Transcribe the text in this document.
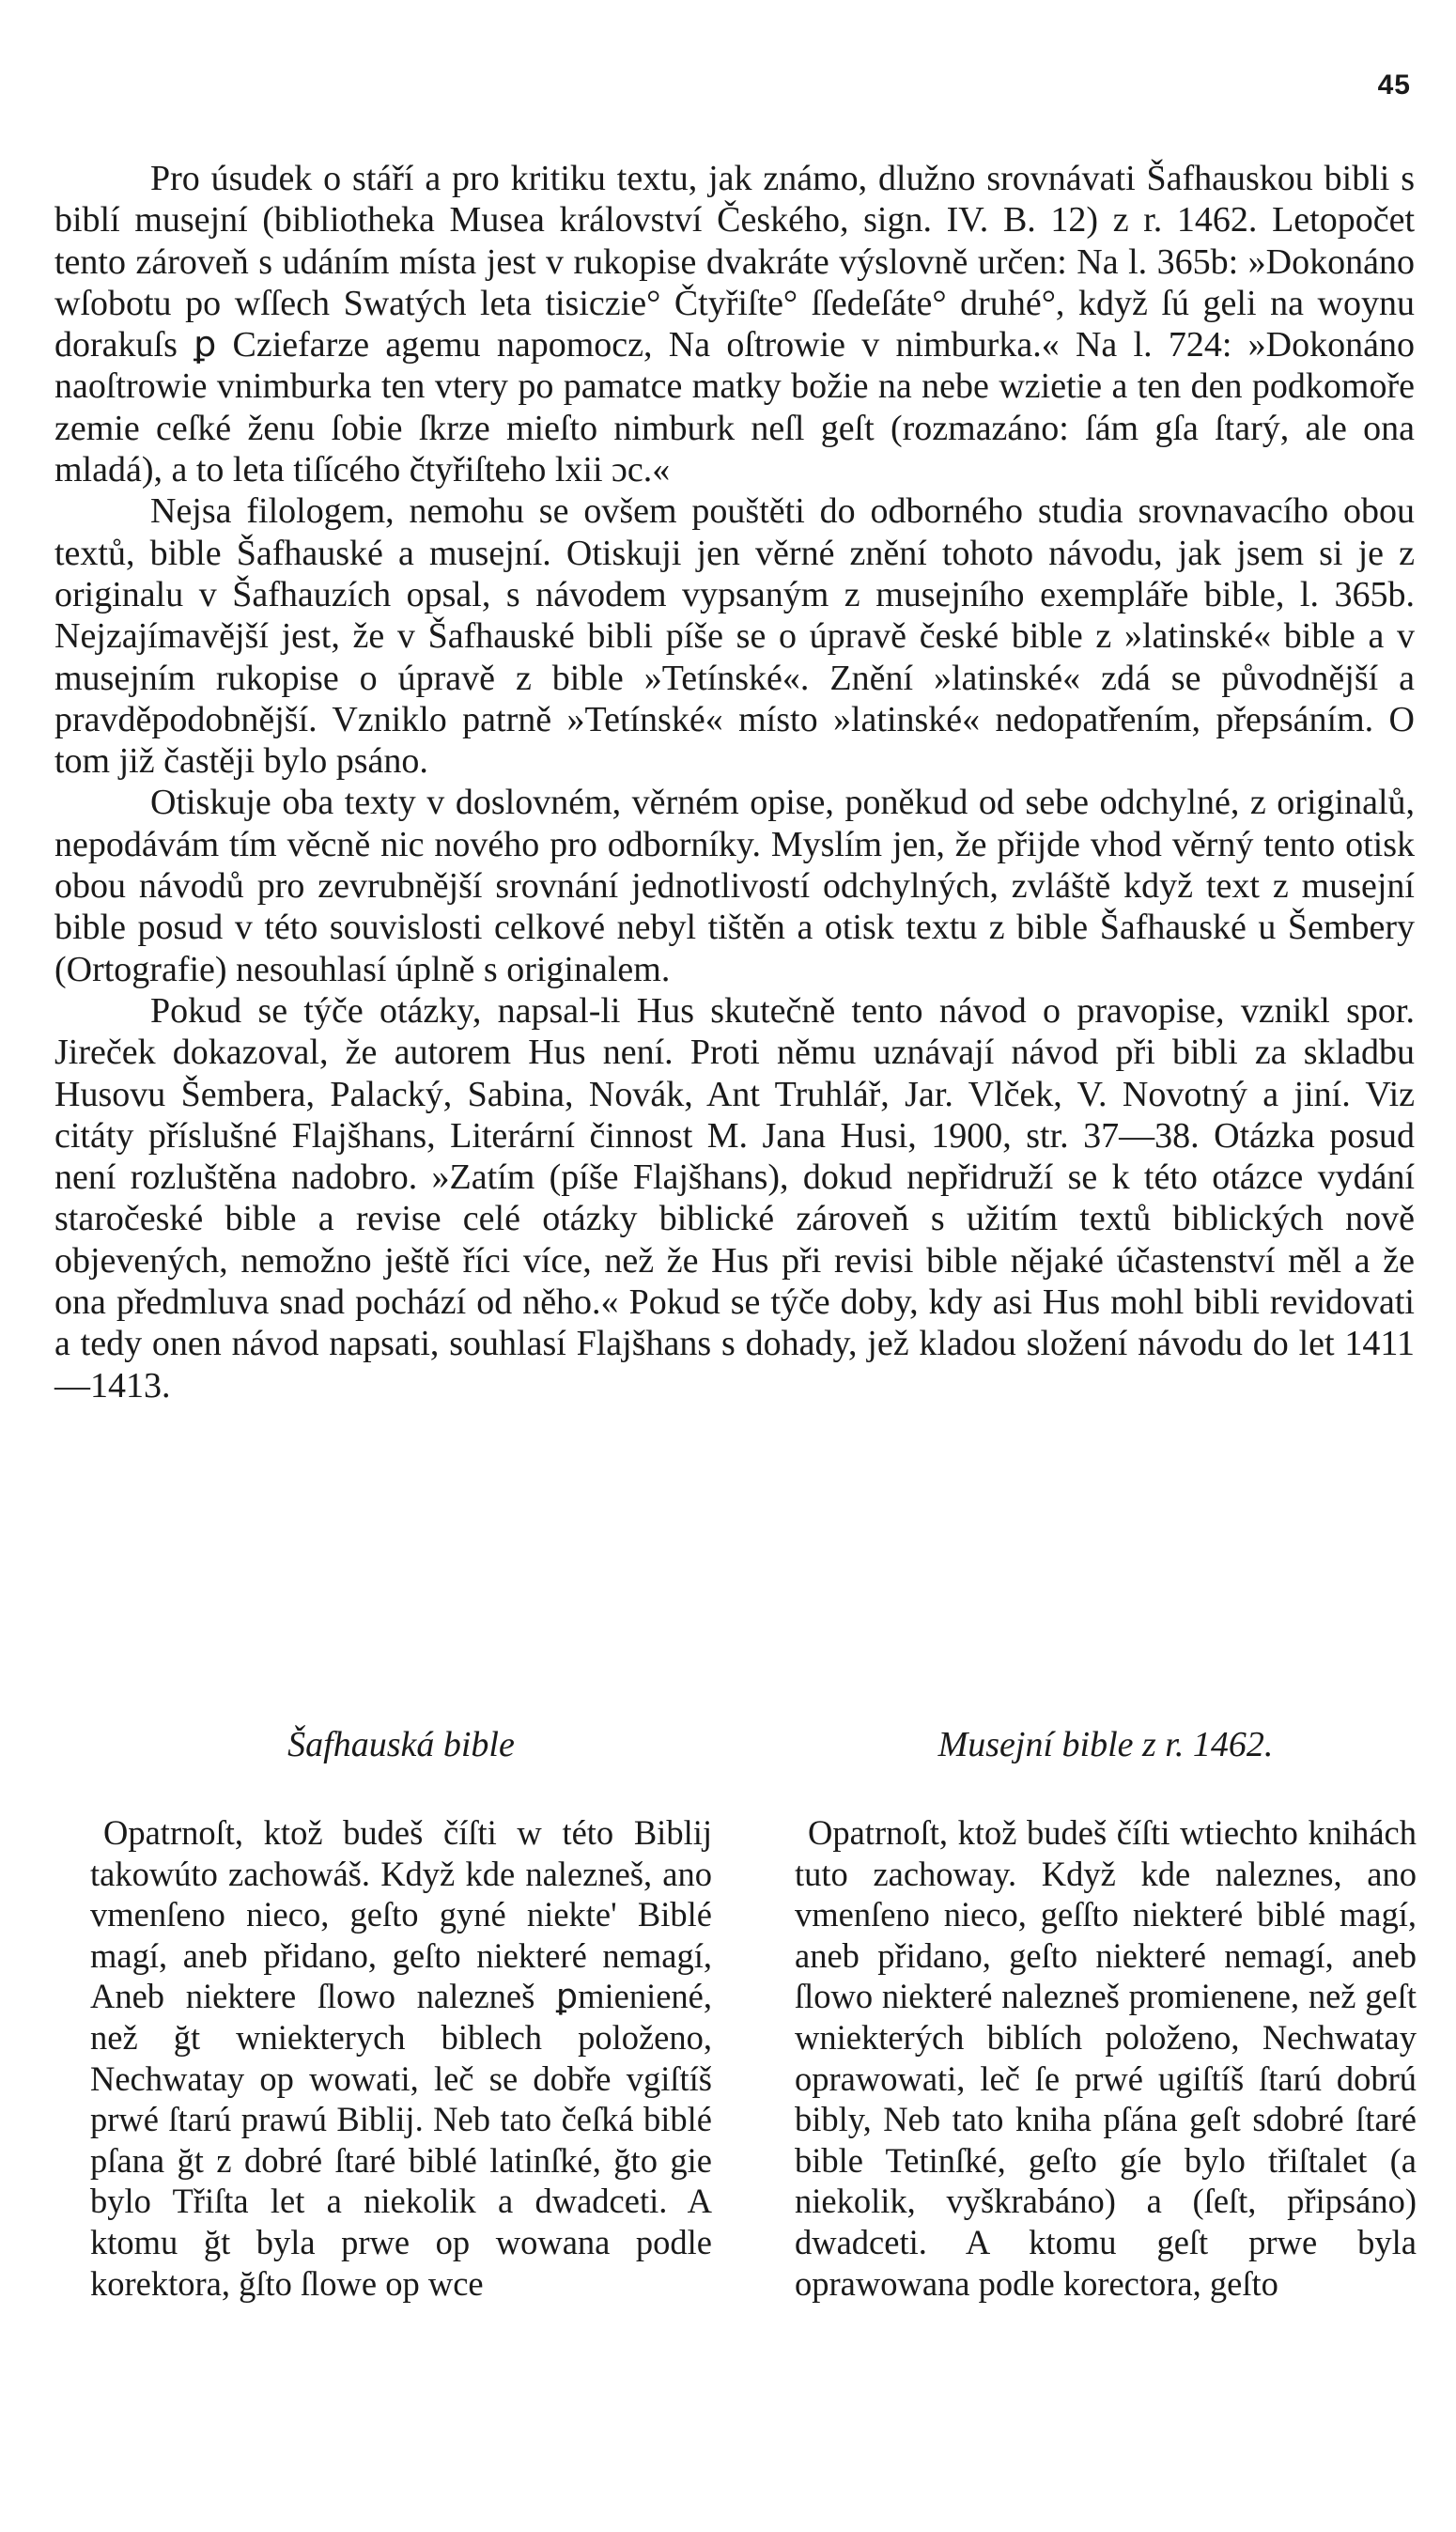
45

Pro úsudek o stáří a pro kritiku textu, jak známo, dlužno srovnávati Šafhauskou bibli s biblí musejní (bibliotheka Musea království Českého, sign. IV. B. 12) z r. 1462. Letopočet tento zároveň s udáním místa jest v rukopise dvakráte výslovně určen: Na l. 365b: »Dokonáno wſobotu po wſſech Swatých leta tisiczie° Čtyřiſte° ſſedeſáte° druhé°, když ſú geli na woynu dorakuſs ꝑ Cziefarze agemu napomocz, Na oſtrowie v nimburka.« Na l. 724: »Dokonáno naoſtrowie vnimburka ten vtery po pamatce matky božie na nebe wzietie a ten den podkomoře zemie ceſké ženu ſobie ſkrze mieſto nimburk neſl geſt (rozmazáno: ſám gſa ſtarý, ale ona mladá), a to leta tiſícého čtyřiſteho lxii ɔc.«

Nejsa filologem, nemohu se ovšem pouštěti do odborného studia srovnavacího obou textů, bible Šafhauské a musejní. Otiskuji jen věrné znění tohoto návodu, jak jsem si je z originalu v Šafhauzích opsal, s návodem vypsaným z musejního exempláře bible, l. 365b. Nejzajímavější jest, že v Šafhauské bibli píše se o úpravě české bible z »latinské« bible a v musejním rukopise o úpravě z bible »Tetínské«. Znění »latinské« zdá se původnější a pravděpodobnější. Vzniklo patrně »Tetínské« místo »latinské« nedopatřením, přepsáním. O tom již častěji bylo psáno.

Otiskuje oba texty v doslovném, věrném opise, poněkud od sebe odchylné, z originalů, nepodávám tím věcně nic nového pro odborníky. Myslím jen, že přijde vhod věrný tento otisk obou návodů pro zevrubnější srovnání jednotlivostí odchylných, zvláště když text z musejní bible posud v této souvislosti celkové nebyl tištěn a otisk textu z bible Šafhauské u Šembery (Ortografie) nesouhlasí úplně s originalem.

Pokud se týče otázky, napsal-li Hus skutečně tento návod o pravopise, vznikl spor. Jireček dokazoval, že autorem Hus není. Proti němu uznávají návod při bibli za skladbu Husovu Šembera, Palacký, Sabina, Novák, Ant Truhlář, Jar. Vlček, V. Novotný a jiní. Viz citáty příslušné Flajšhans, Literární činnost M. Jana Husi, 1900, str. 37—38. Otázka posud není rozluštěna nadobro. »Zatím (píše Flajšhans), dokud nepřidruží se k této otázce vydání staročeské bible a revise celé otázky biblické zároveň s užitím textů biblických nově objevených, nemožno ještě říci více, než že Hus při revisi bible nějaké účastenství měl a že ona předmluva snad pochází od něho.« Pokud se týče doby, kdy asi Hus mohl bibli revidovati a tedy onen návod napsati, souhlasí Flajšhans s dohady, jež kladou složení návodu do let 1411—1413.

Šafhauská bible

Opatrnoſt, ktož budeš číſti w této Biblij takowúto zachowáš. Když kde nalezneš, ano vmenſeno nieco, geſto gyné niekte' Biblé magí, aneb přidano, geſto niekteré nemagí, Aneb niektere ſlowo nalezneš ꝑmieniené, než ğt wniekterych biblech položeno, Nechwatay op wowati, leč se dobře vgiſtíš prwé ſtarú prawú Biblij. Neb tato čeſká biblé pſana ğt z dobré ſtaré biblé latinſké, ğto gie bylo Třiſta let a niekolik a dwadceti. A ktomu ğt byla prwe op wowana podle korektora, ğſto ſlowe op wce

Musejní bible z r. 1462.

Opatrnoſt, ktož budeš číſti wtiechto knihách tuto zachoway. Když kde naleznes, ano vmenſeno nieco, geſſto niekteré biblé magí, aneb přidano, geſto niekteré nemagí, aneb ſlowo niekteré nalezneš promienene, než geſt wniekterých biblích položeno, Nechwatay oprawowati, leč ſe prwé ugiſtíš ſtarú dobrú bibly, Neb tato kniha pſána geſt sdobré ſtaré bible Tetinſké, geſto gíe bylo třiſtalet (a niekolik, vyškrabáno) a (ſeſt, připsáno) dwadceti. A ktomu geſt prwe byla oprawowana podle korectora, geſto
